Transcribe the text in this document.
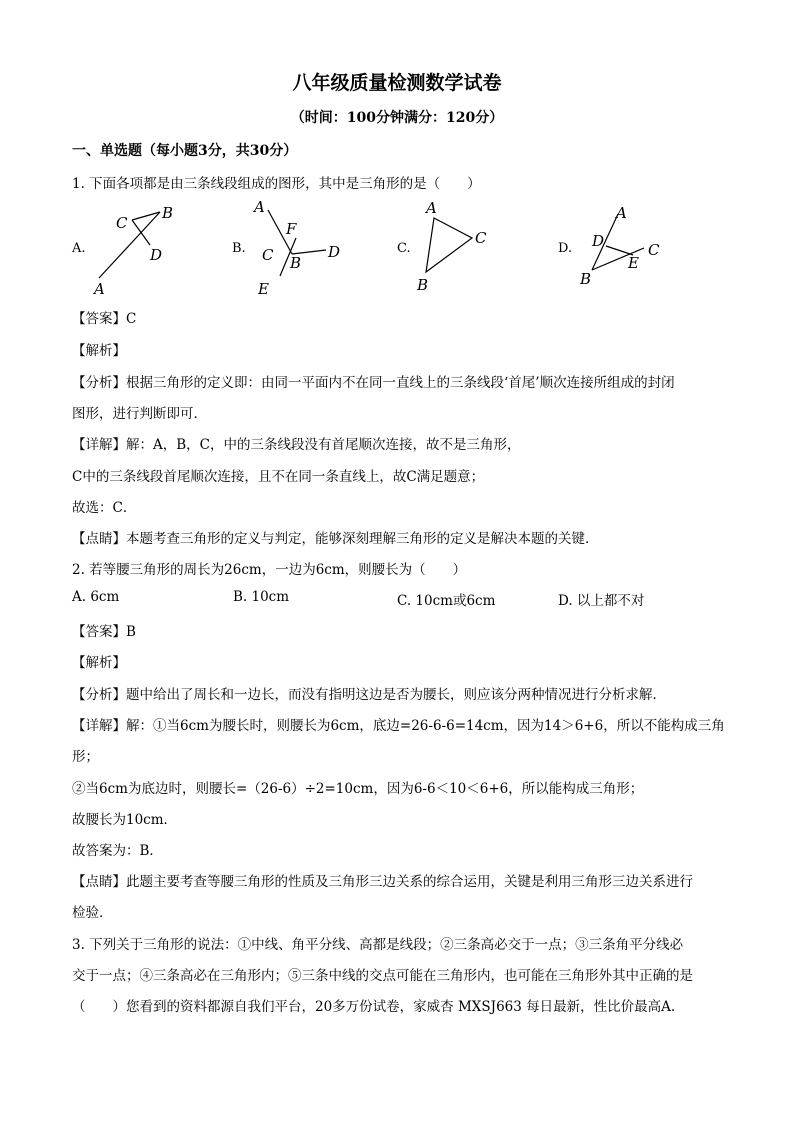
八年级质量检测数学试卷
（时间：100分钟满分：120分）
一、单选题（每小题3分，共30分）
1. 下面各项都是由三条线段组成的图形，其中是三角形的是（　　）
A.	B.	C.	D.
C
B
D
A
A
F
C B
D
E
A
C
B
A
D	C
E
B
【答案】C
【解析】
【分析】根据三角形的定义即：由同一平面内不在同一直线上的三条线段‘首尾’顺次连接所组成的封闭
图形，进行判断即可．
【详解】解：A，B，C，中的三条线段没有首尾顺次连接，故不是三角形，
C中的三条线段首尾顺次连接，且不在同一条直线上，故C满足题意；
故选：C．
【点睛】本题考查三角形的定义与判定，能够深刻理解三角形的定义是解决本题的关键．
2. 若等腰三角形的周长为26cm，一边为6cm，则腰长为（　　）
A. 6cm	B. 10cm	C. 10cm或6cm	D. 以上都不对
【答案】B
【解析】
【分析】题中给出了周长和一边长，而没有指明这边是否为腰长，则应该分两种情况进行分析求解．
【详解】解：①当6cm为腰长时，则腰长为6cm，底边=26-6-6=14cm，因为14＞6+6，所以不能构成三角
形；
②当6cm为底边时，则腰长=（26-6）÷2=10cm，因为6-6＜10＜6+6，所以能构成三角形；
故腰长为10cm．
故答案为：B．
【点睛】此题主要考查等腰三角形的性质及三角形三边关系的综合运用，关键是利用三角形三边关系进行
检验．
3. 下列关于三角形的说法：①中线、角平分线、高都是线段；②三条高必交于一点；③三条角平分线必
交于一点；④三条高必在三角形内；⑤三条中线的交点可能在三角形内，也可能在三角形外其中正确的是
（　　）您看到的资料都源自我们平台，20多万份试卷，家威杏 MXSJ663 每日最新，性比价最高A.
